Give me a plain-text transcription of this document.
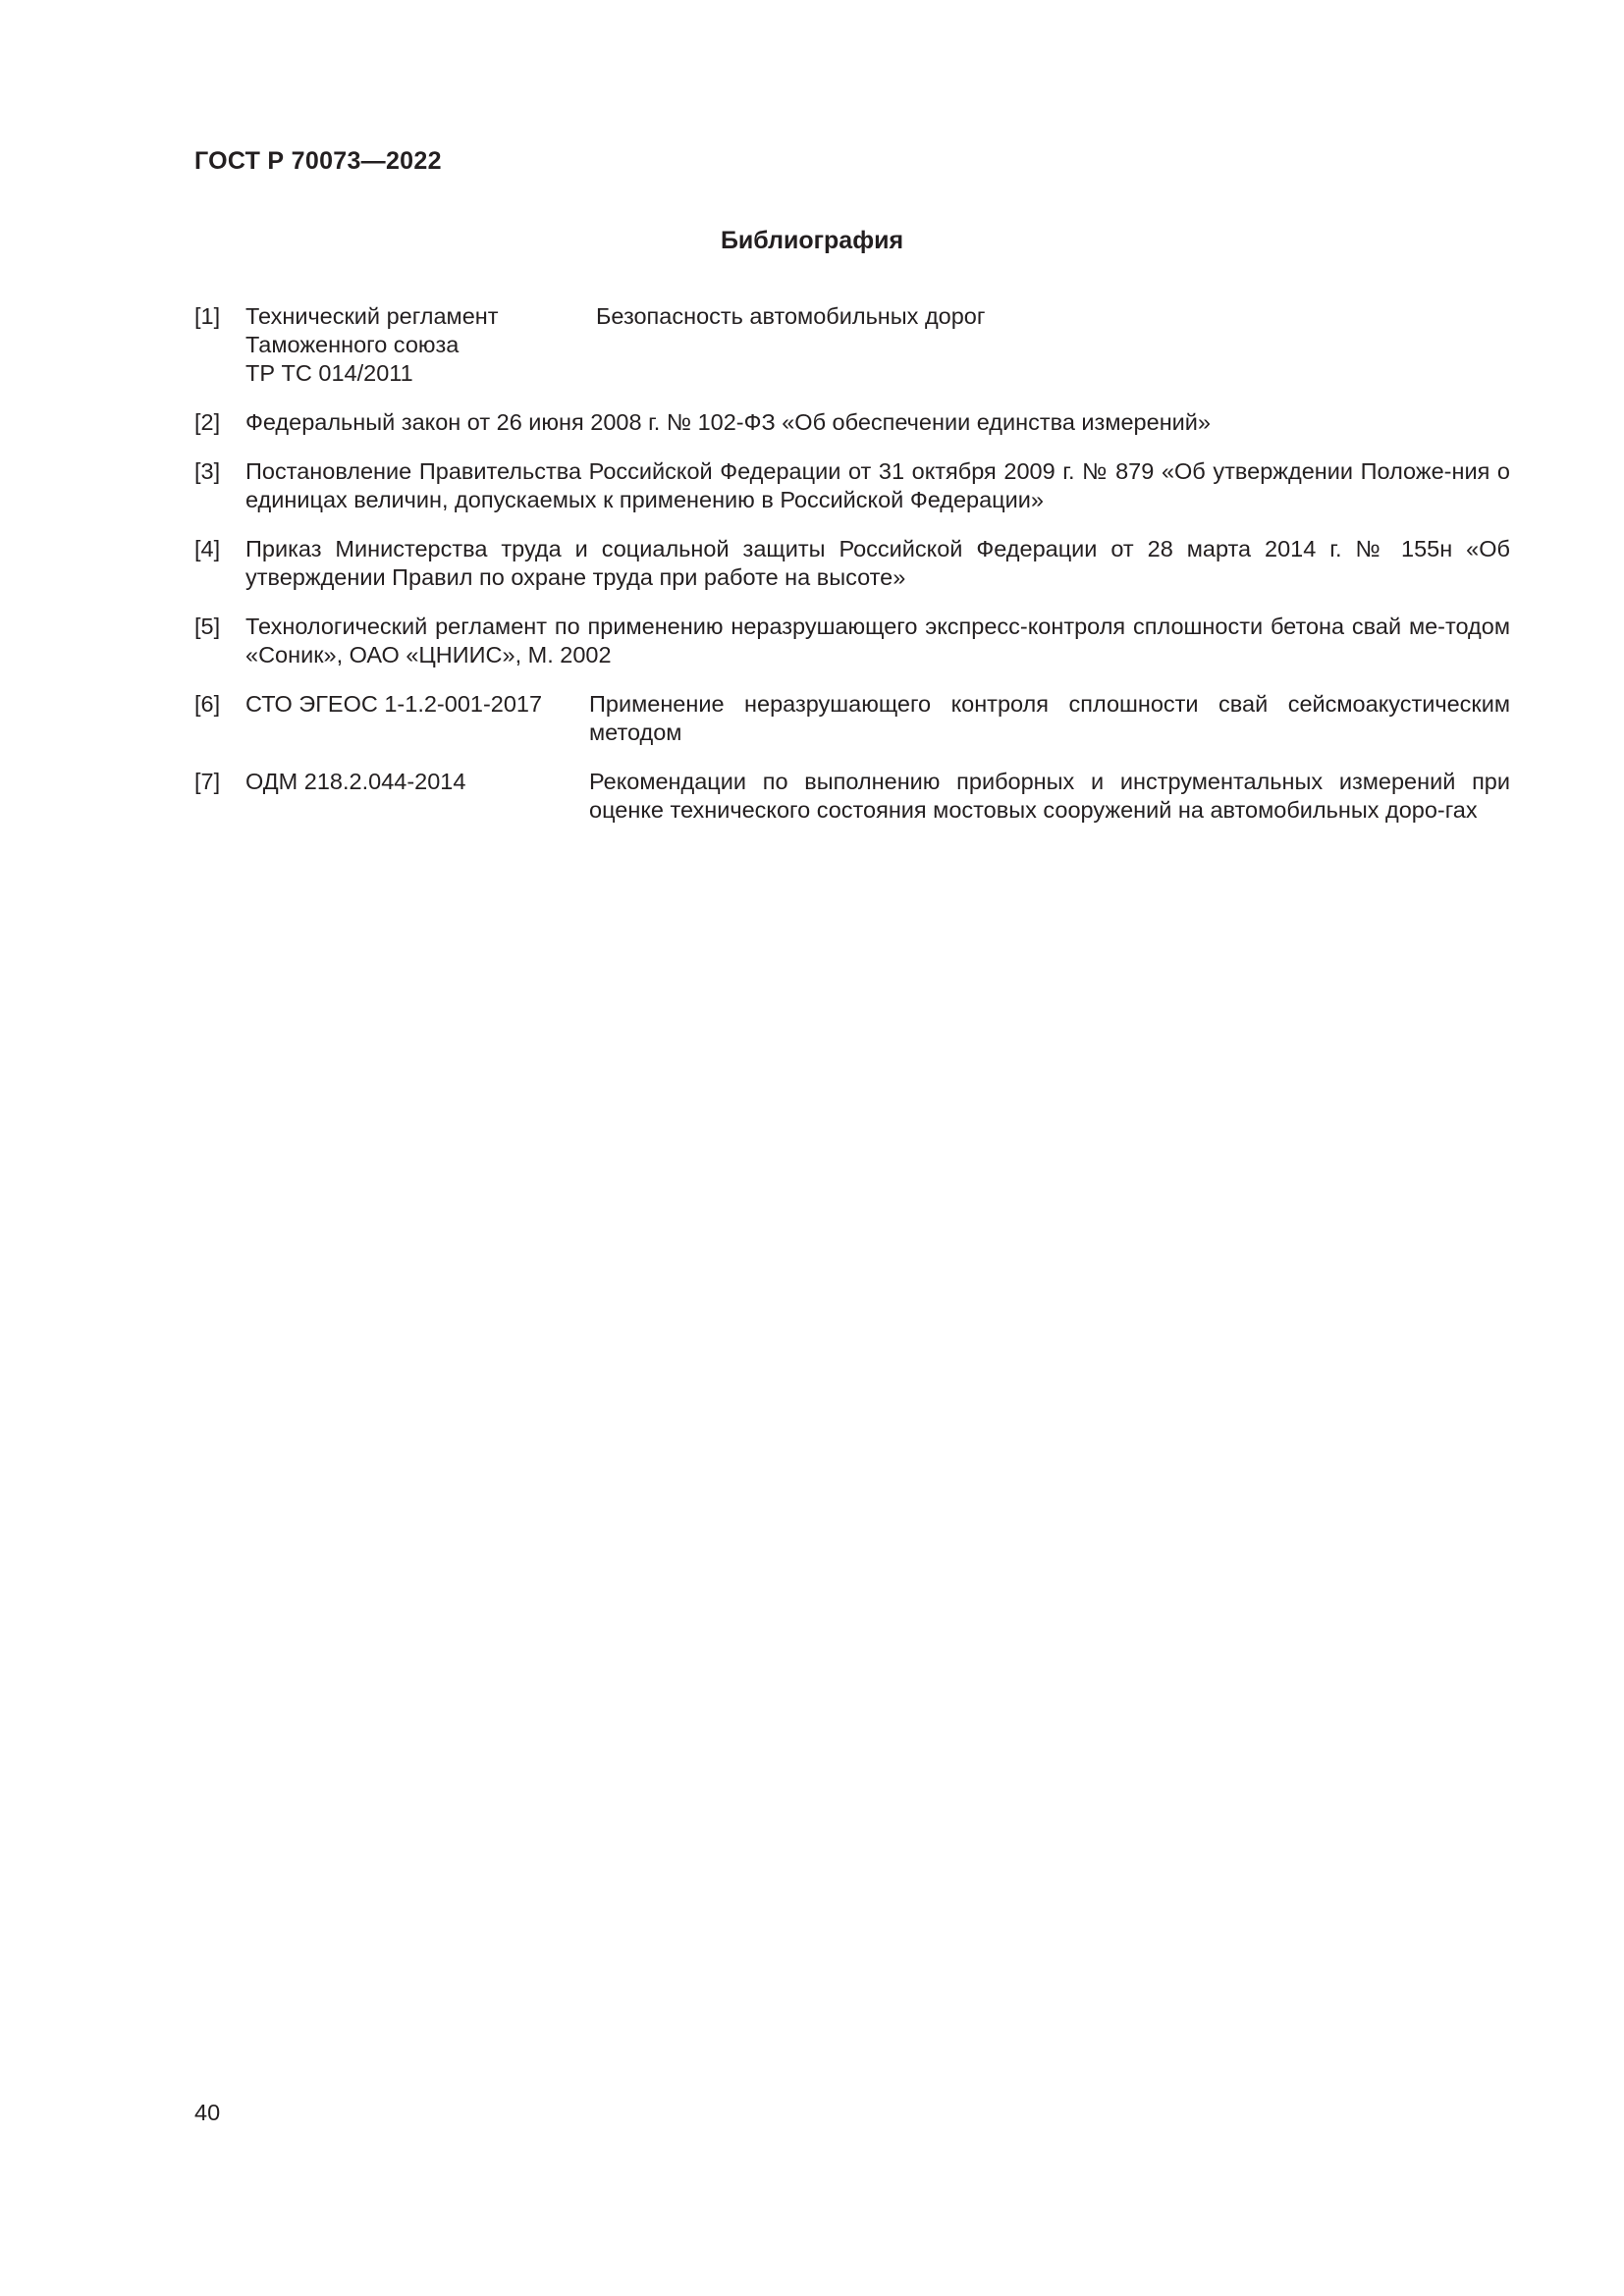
ГОСТ Р 70073—2022
Библиография
[1] Технический регламент
Таможенного союза
ТР ТС 014/2011
Безопасность автомобильных дорог
[2] Федеральный закон от 26 июня 2008 г. № 102-ФЗ «Об обеспечении единства измерений»
[3] Постановление Правительства Российской Федерации от 31 октября 2009 г. № 879 «Об утверждении Положе-ния о единицах величин, допускаемых к применению в Российской Федерации»
[4] Приказ Министерства труда и социальной защиты Российской Федерации от 28 марта 2014 г. № 155н «Об утверждении Правил по охране труда при работе на высоте»
[5] Технологический регламент по применению неразрушающего экспресс-контроля сплошности бетона свай ме-тодом «Соник», ОАО «ЦНИИС», М. 2002
[6] СТО ЭГЕОС 1-1.2-001-2017	Применение неразрушающего контроля сплошности свай сейсмоакустическим методом
[7] ОДМ 218.2.044-2014	Рекомендации по выполнению приборных и инструментальных измерений при оценке технического состояния мостовых сооружений на автомобильных доро-гах
40
